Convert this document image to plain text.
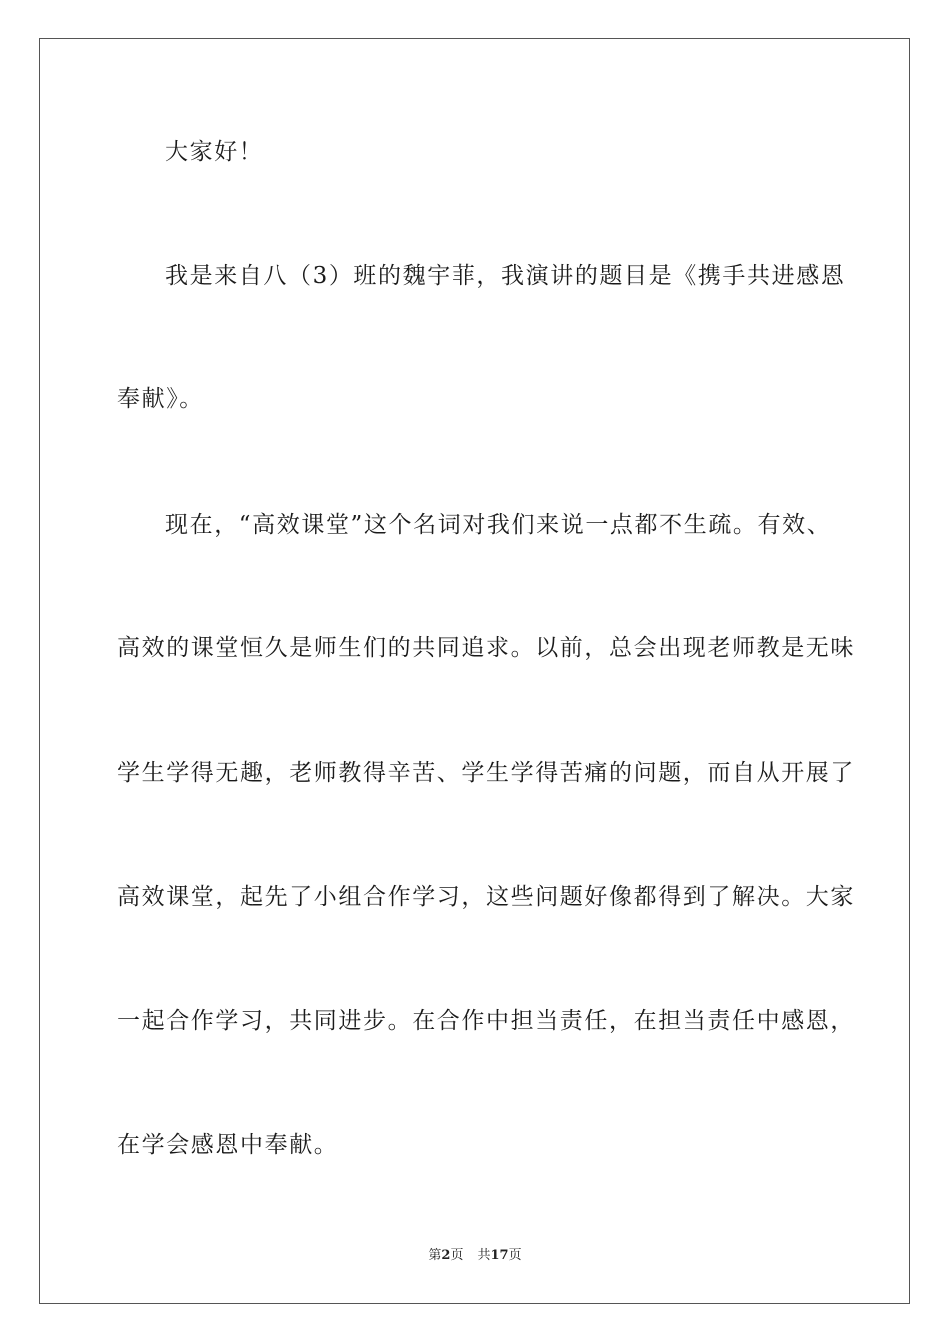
大家好！
我是来自八（3）班的魏宇菲，我演讲的题目是《携手共进感恩
奉献》。
现在，“高效课堂”这个名词对我们来说一点都不生疏。有效、
高效的课堂恒久是师生们的共同追求。以前，总会出现老师教是无味
学生学得无趣，老师教得辛苦、学生学得苦痛的问题，而自从开展了
高效课堂，起先了小组合作学习，这些问题好像都得到了解决。大家
一起合作学习，共同进步。在合作中担当责任，在担当责任中感恩，
在学会感恩中奉献。
第2页 共17页
